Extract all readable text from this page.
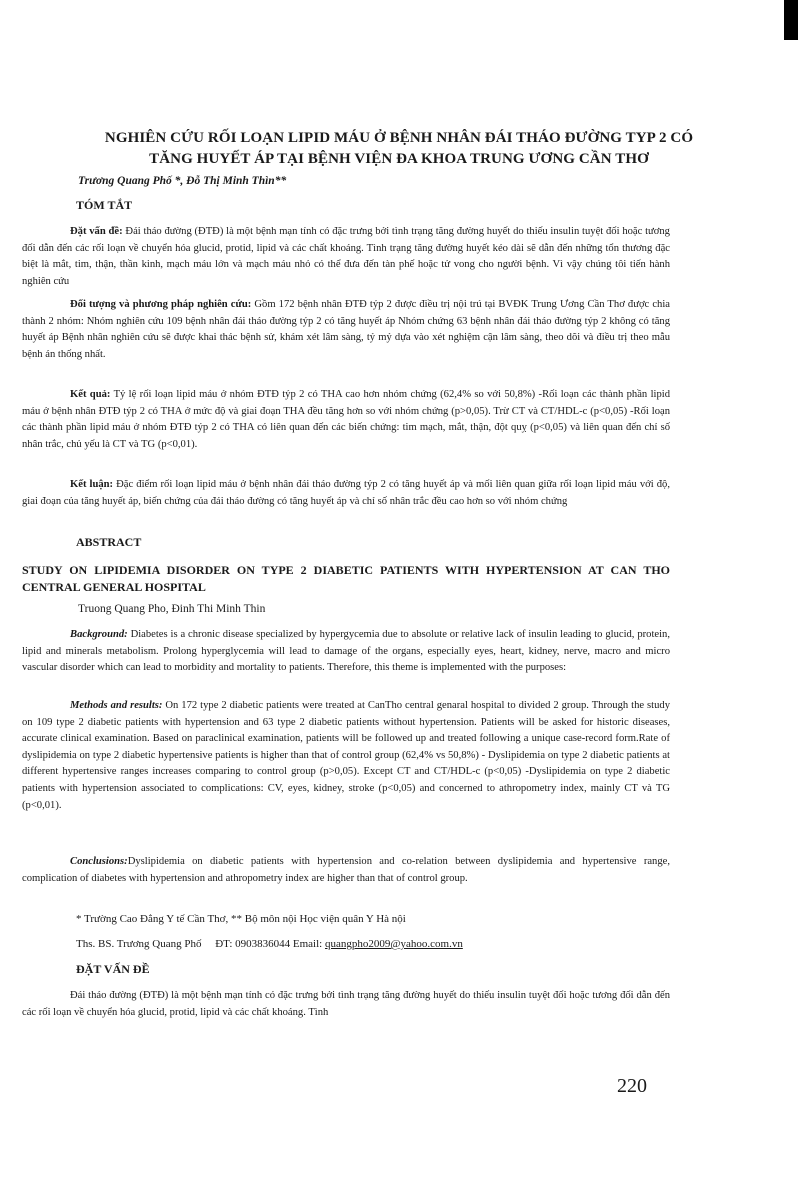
NGHIÊN CỨU RỐI LOẠN LIPID MÁU Ở BỆNH NHÂN ĐÁI THÁO ĐƯỜNG TYP 2 CÓ
TĂNG HUYẾT ÁP TẠI BỆNH VIỆN ĐA KHOA TRUNG ƯƠNG CẦN THƠ
Trương Quang Phố *, Đỗ Thị Minh Thìn**
TÓM TẮT

Đặt vấn đề: Đái tháo đường (ĐTĐ) là một bệnh mạn tính có đặc trưng bởi tình trạng tăng đường huyết do thiếu insulin tuyệt đối hoặc tương đối dẫn đến các rối loạn về chuyển hóa glucid, protid, lipid và các chất khoáng. Tình trạng tăng đường huyết kéo dài sẽ dẫn đến những tổn thương đặc biệt là mắt, tim, thận, thần kinh, mạch máu lớn và mạch máu nhỏ có thể đưa đến tàn phế hoặc tử vong cho người bệnh. Vì vậy chúng tôi tiến hành nghiên cứu

Đối tượng và phương pháp nghiên cứu: Gồm 172 bệnh nhân ĐTĐ týp 2 được điều trị nội trú tại BVĐK Trung Ương Cần Thơ được chia thành 2 nhóm: Nhóm nghiên cứu 109 bệnh nhân đái tháo đường týp 2 có tăng huyết áp Nhóm chứng 63 bệnh nhân đái tháo đường týp 2 không có tăng huyết áp Bệnh nhân nghiên cứu sẽ được khai thác bệnh sử, khám xét lâm sàng, tỷ mỷ dựa vào xét nghiệm cận lâm sàng, theo dõi và điều trị theo mẫu bệnh án thống nhất.

Kết quả: Tỷ lệ rối loạn lipid máu ở nhóm ĐTĐ týp 2 có THA cao hơn nhóm chứng (62,4% so với 50,8%) -Rối loạn các thành phần lipid máu ở bệnh nhân ĐTĐ týp 2 có THA ở mức độ và giai đoạn THA đều tăng hơn so với nhóm chứng (p>0,05). Trừ CT và CT/HDL-c (p<0,05) -Rối loạn các thành phần lipid máu ở nhóm ĐTĐ týp 2 có THA có liên quan đến các biến chứng: tim mạch, mắt, thận, đột quỵ (p<0,05) và liên quan đến chỉ số nhân trắc, chủ yếu là CT và TG (p<0,01).

Kết luận: Đặc điểm rối loạn lipid máu ở bệnh nhân đái tháo đường týp 2 có tăng huyết áp và mối liên quan giữa rối loạn lipid máu với độ, giai đoạn của tăng huyết áp, biến chứng của đái tháo đường có tăng huyết áp và chỉ số nhân trắc đều cao hơn so với nhóm chứng

ABSTRACT
STUDY ON LIPIDEMIA DISORDER ON TYPE 2 DIABETIC PATIENTS WITH HYPERTENSION AT CAN THO CENTRAL GENERAL HOSPITAL
Truong Quang Pho, Đinh Thi Minh Thin

Background: Diabetes is a chronic disease specialized by hypergycemia due to absolute or relative lack of insulin leading to glucid, protein, lipid and minerals metabolism. Prolong hyperglycemia will lead to damage of the organs, especially eyes, heart, kidney, nerve, macro and micro vascular disorder which can lead to morbidity and mortality to patients. Therefore, this theme is implemented with the purposes:

Methods and results: On 172 type 2 diabetic patients were treated at CanTho central genaral hospital to divided 2 group. Through the study on 109 type 2 diabetic patients with hypertension and 63 type 2 diabetic patients without hypertension. Patients will be asked for historic diseases, accurate clinical examination. Based on paraclinical examination, patients will be followed up and treated following a unique case-record form.Rate of dyslipidemia on type 2 diabetic hypertensive patients is higher than that of control group (62,4% vs 50,8%) - Dyslipidemia on type 2 diabetic patients at different hypertensive ranges increases comparing to control group (p>0,05). Except CT and CT/HDL-c (p<0,05) -Dyslipidemia on type 2 diabetic patients with hypertension associated to complications: CV, eyes, kidney, stroke (p<0,05) and concerned to athropometry index, mainly CT và TG (p<0,01).

Conclusions:Dyslipidemia on diabetic patients with hypertension and co-relation between dyslipidemia and hypertensive range, complication of diabetes with hypertension and athropometry index are higher than that of control group.

* Trường Cao Đẳng Y tế Cần Thơ, ** Bộ môn nội Học viện quân Y Hà nội
Ths. BS. Trương Quang Phố     ĐT: 0903836044 Email: quangpho2009@yahoo.com.vn
ĐẶT VẤN ĐỀ

Đái tháo đường (ĐTĐ) là một bệnh mạn tính có đặc trưng bởi tình trạng tăng đường huyết do thiếu insulin tuyệt đối hoặc tương đối dẫn đến các rối loạn về chuyển hóa glucid, protid, lipid và các chất khoáng. Tình

220
